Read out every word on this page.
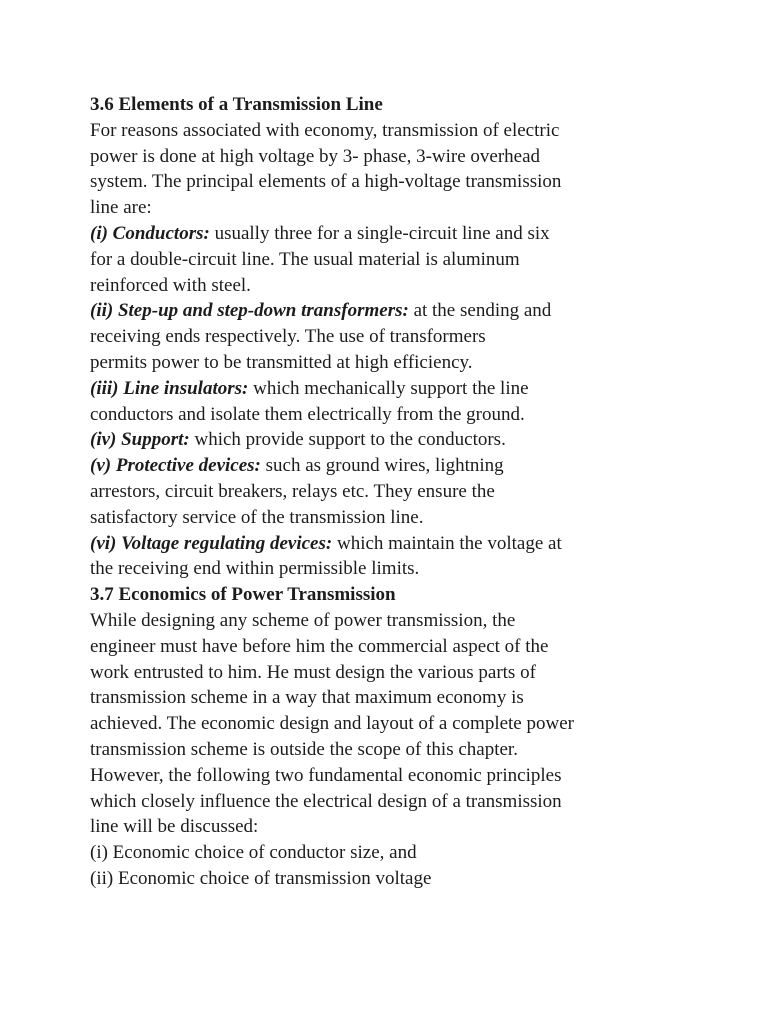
3.6 Elements of a Transmission Line
For reasons associated with economy, transmission of electric
power is done at high voltage by 3- phase, 3-wire overhead
system. The principal elements of a high-voltage transmission
line are:
(i) Conductors: usually three for a single-circuit line and six
for a double-circuit line. The usual material is aluminum
reinforced with steel.
(ii) Step-up and step-down transformers: at the sending and
receiving ends respectively. The use of transformers
permits power to be transmitted at high efficiency.
(iii) Line insulators: which mechanically support the line
conductors and isolate them electrically from the ground.
(iv) Support: which provide support to the conductors.
(v) Protective devices: such as ground wires, lightning
arrestors, circuit breakers, relays etc. They ensure the
satisfactory service of the transmission line.
(vi) Voltage regulating devices: which maintain the voltage at
the receiving end within permissible limits.
3.7 Economics of Power Transmission
While designing any scheme of power transmission, the
engineer must have before him the commercial aspect of the
work entrusted to him. He must design the various parts of
transmission scheme in a way that maximum economy is
achieved. The economic design and layout of a complete power
transmission scheme is outside the scope of this chapter.
However, the following two fundamental economic principles
which closely influence the electrical design of a transmission
line will be discussed:
(i) Economic choice of conductor size, and
(ii) Economic choice of transmission voltage
